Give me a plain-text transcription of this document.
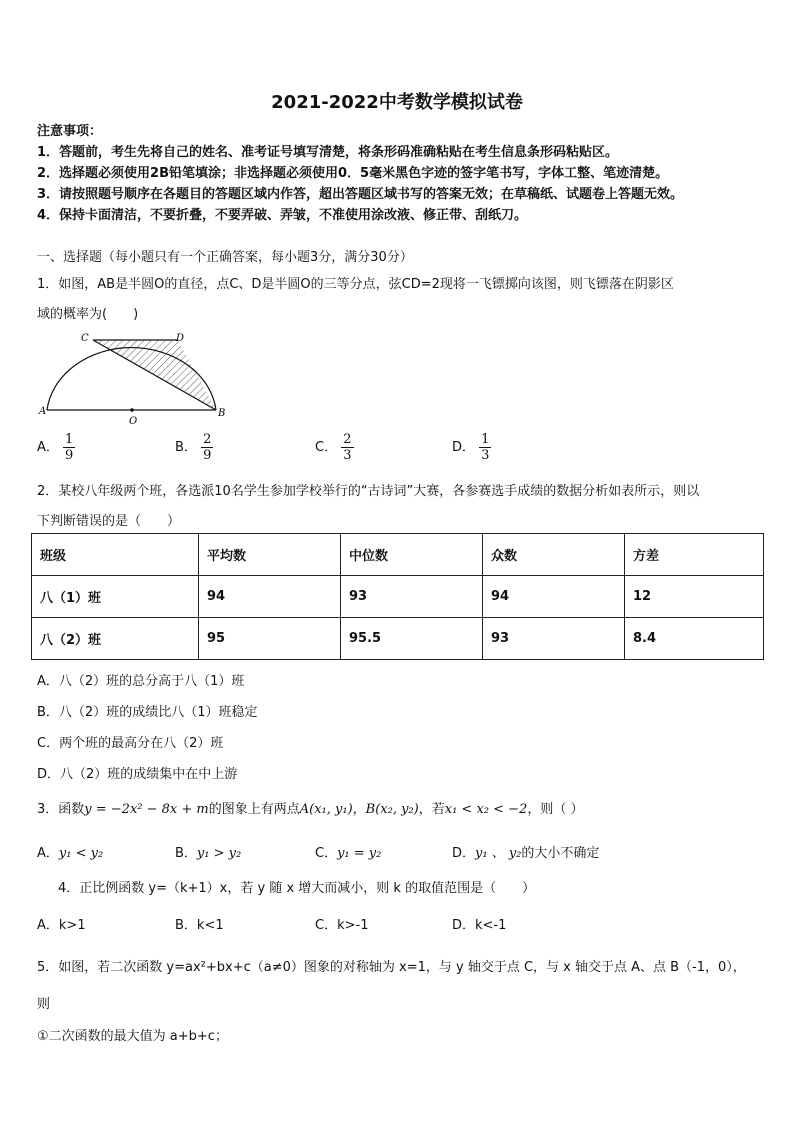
2021-2022中考数学模拟试卷
注意事项：
1．答题前，考生先将自己的姓名、准考证号填写清楚，将条形码准确粘贴在考生信息条形码粘贴区。
2．选择题必须使用2B铅笔填涂；非选择题必须使用0．5毫米黑色字迹的签字笔书写，字体工整、笔迹清楚。
3．请按照题号顺序在各题目的答题区域内作答，超出答题区域书写的答案无效；在草稿纸、试题卷上答题无效。
4．保持卡面清洁，不要折叠，不要弄破、弄皱，不准使用涂改液、修正带、刮纸刀。
一、选择题（每小题只有一个正确答案，每小题3分，满分30分）
1．如图，AB是半圆O的直径，点C、D是半圆O的三等分点，弦CD=2现将一飞镖掷向该图，则飞镖落在阴影区
域的概率为(　　)
A	B
C	D
O
A． $\frac{1}{9}$	B． $\frac{2}{9}$	C． $\frac{2}{3}$	D． $\frac{1}{3}$
2．某校八年级两个班，各选派10名学生参加学校举行的“古诗词”大赛，各参赛选手成绩的数据分析如表所示，则以
下判断错误的是（　　）
班级	平均数	中位数	众数	方差
八（1）班	94	93	94	12
八（2）班	95	95.5	93	8.4
A．八（2）班的总分高于八（1）班
B．八（2）班的成绩比八（1）班稳定
C．两个班的最高分在八（2）班
D．八（2）班的成绩集中在中上游
3．函数y = −2x² − 8x + m的图象上有两点A(x₁, y₁)，B(x₂, y₂)，若x₁ < x₂ < −2，则（ ）
A．y₁ < y₂	B．y₁ > y₂	C．y₁ = y₂	D．y₁ 、 y₂的大小不确定
4．正比例函数 y=（k+1）x，若 y 随 x 增大而减小，则 k 的取值范围是（　　）
A．k>1	B．k<1	C．k>-1	D．k<-1
5．如图，若二次函数 y=ax²+bx+c（a≠0）图象的对称轴为 x=1，与 y 轴交于点 C，与 x 轴交于点 A、点 B（-1，0），
则
①二次函数的最大值为 a+b+c；
